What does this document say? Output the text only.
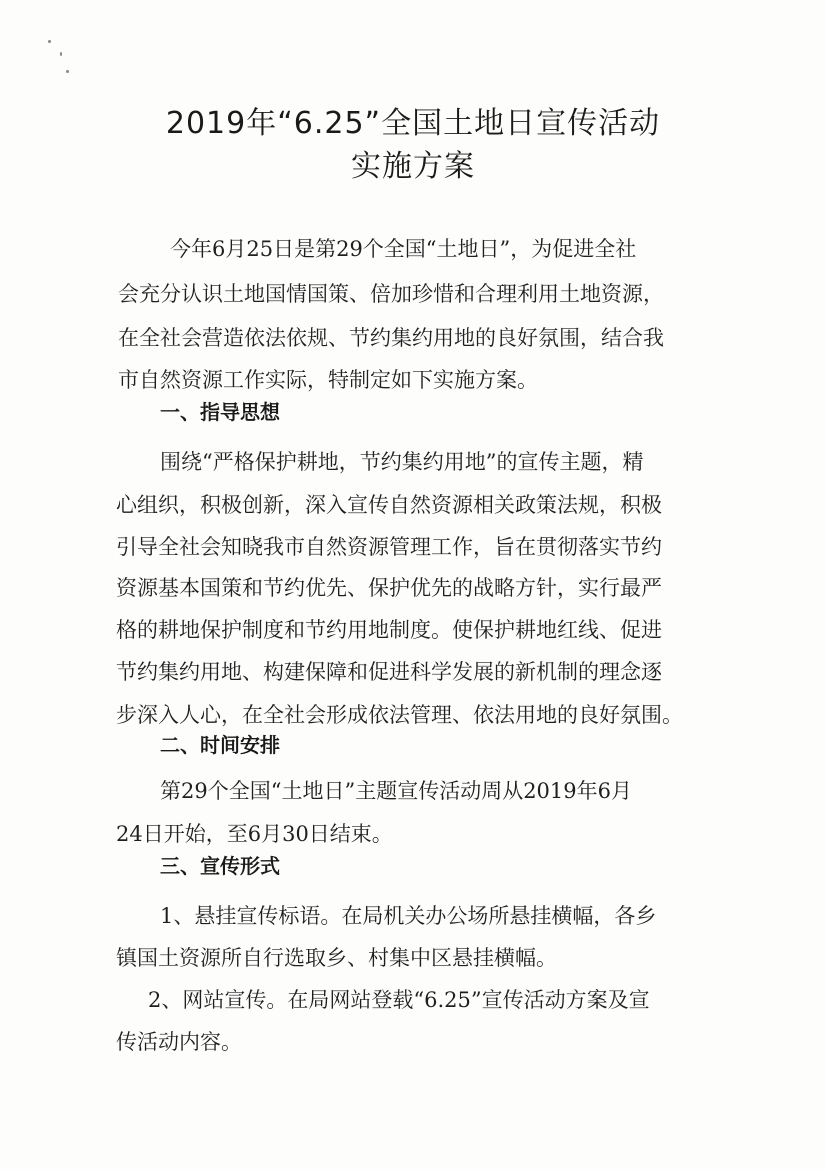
2019年“6.25”全国土地日宣传活动
实施方案
今年6月25日是第29个全国“土地日”，为促进全社
会充分认识土地国情国策、倍加珍惜和合理利用土地资源，
在全社会营造依法依规、节约集约用地的良好氛围，结合我
市自然资源工作实际，特制定如下实施方案。
一、指导思想
围绕“严格保护耕地，节约集约用地”的宣传主题，精
心组织，积极创新，深入宣传自然资源相关政策法规，积极
引导全社会知晓我市自然资源管理工作，旨在贯彻落实节约
资源基本国策和节约优先、保护优先的战略方针，实行最严
格的耕地保护制度和节约用地制度。使保护耕地红线、促进
节约集约用地、构建保障和促进科学发展的新机制的理念逐
步深入人心，在全社会形成依法管理、依法用地的良好氛围。
二、时间安排
第29个全国“土地日”主题宣传活动周从2019年6月
24日开始，至6月30日结束。
三、宣传形式
1、悬挂宣传标语。在局机关办公场所悬挂横幅，各乡
镇国土资源所自行选取乡、村集中区悬挂横幅。
2、网站宣传。在局网站登载“6.25”宣传活动方案及宣
传活动内容。
